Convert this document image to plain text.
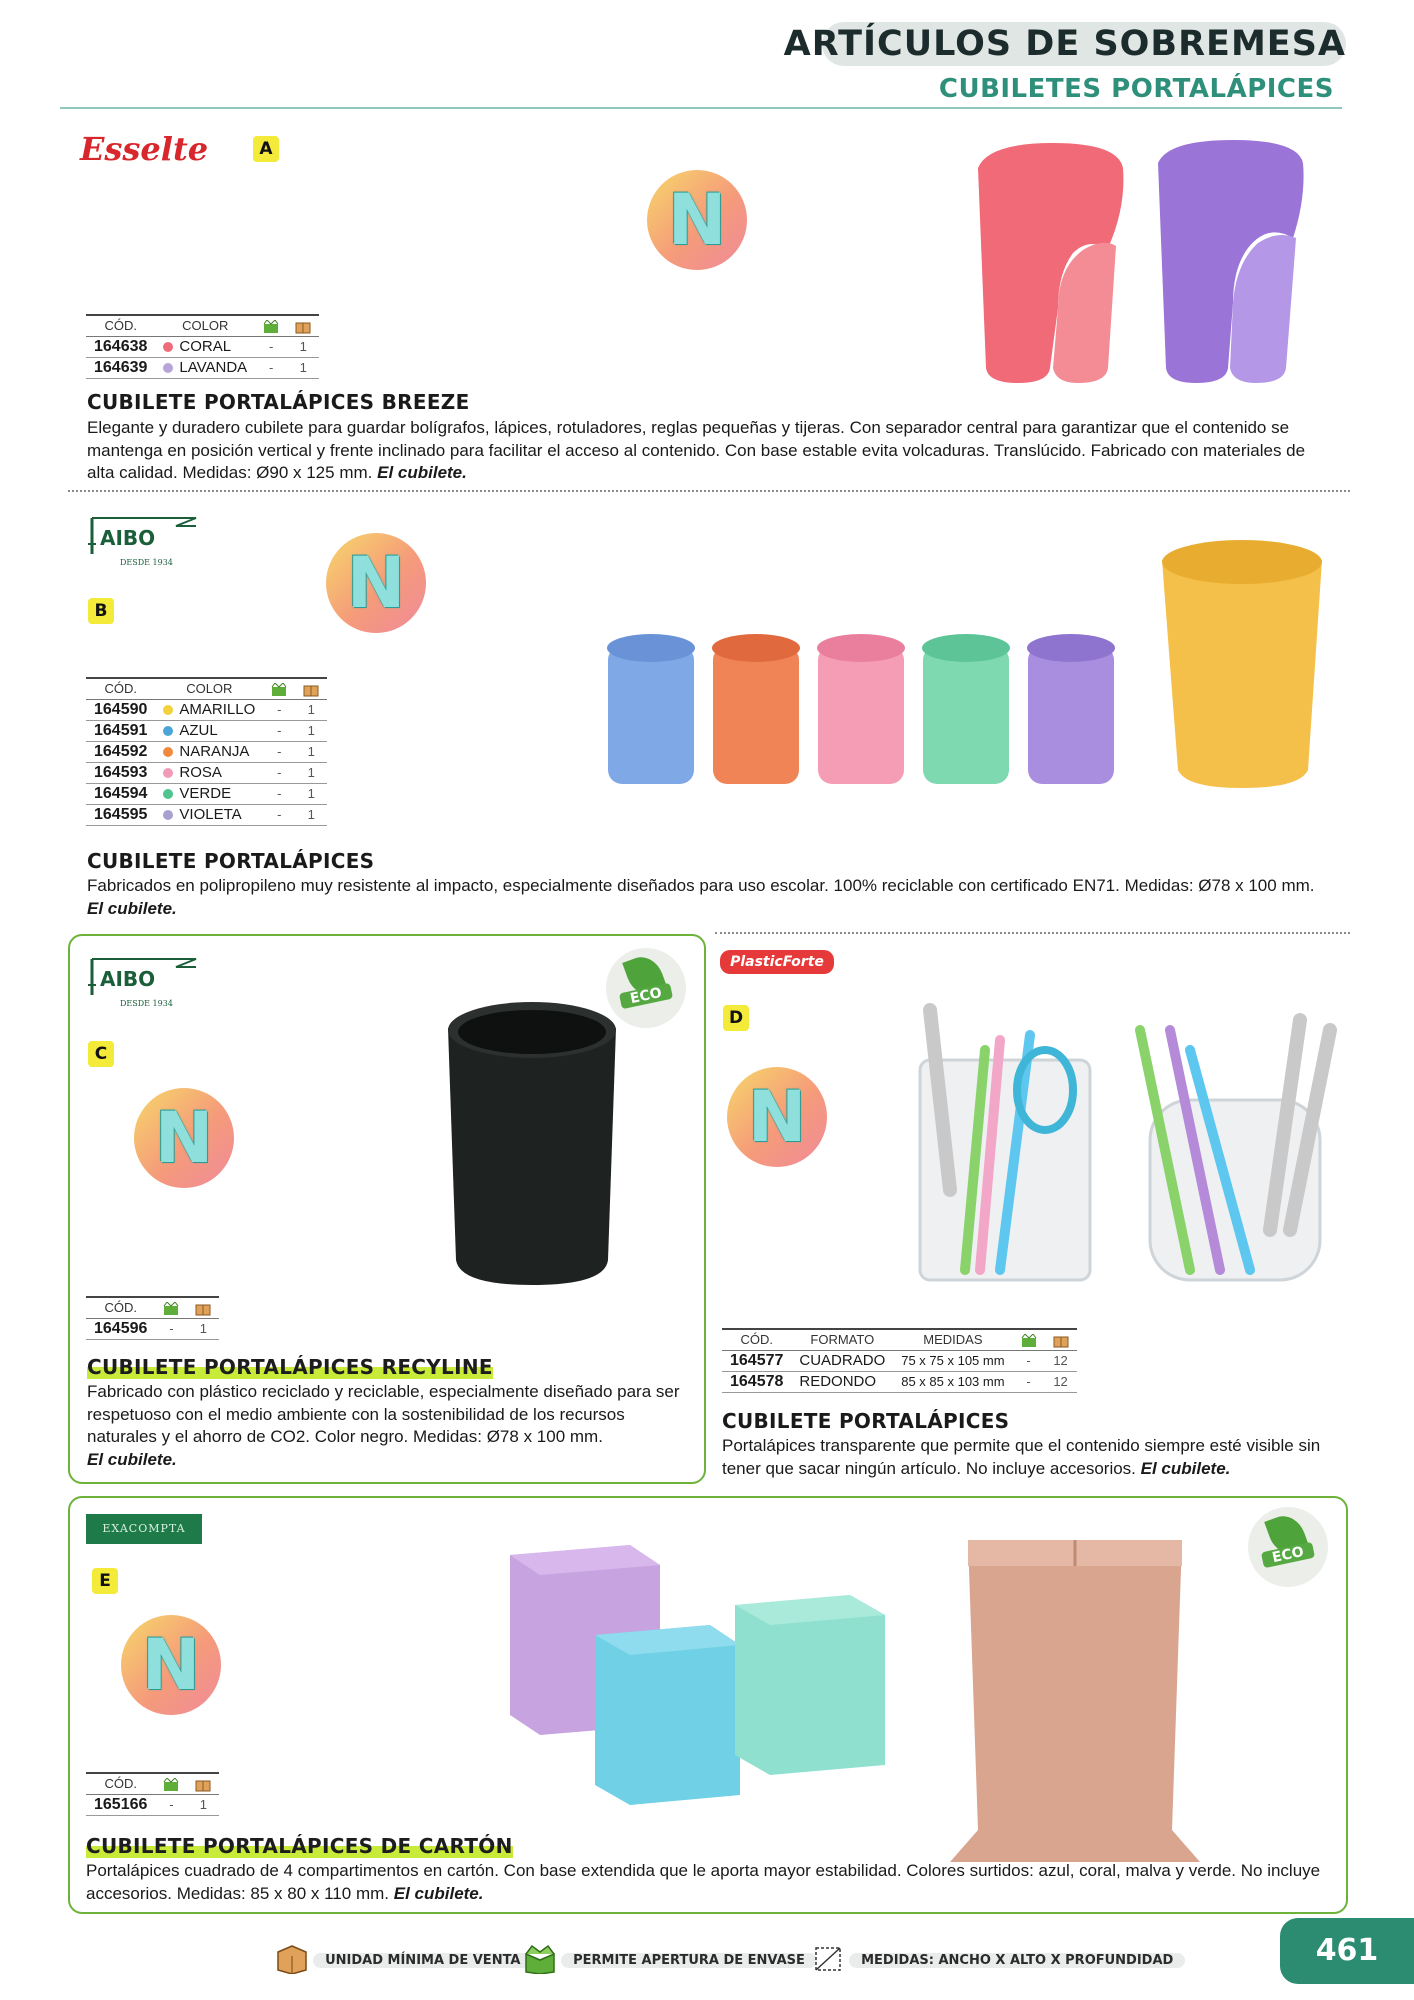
ARTÍCULOS DE SOBREMESA
CUBILETES PORTALÁPICES
Esselte	A
N
CÓD.	COLOR		
164638	CORAL	-	1
164639	LAVANDA	-	1
CUBILETE PORTALÁPICES BREEZE
Elegante y duradero cubilete para guardar bolígrafos, lápices, rotuladores, reglas pequeñas y tijeras. Con separador central para garantizar que el contenido se mantenga en posición vertical y frente inclinado para facilitar el acceso al contenido. Con base estable evita volcaduras. Translúcido. Fabricado con materiales de alta calidad. Medidas: Ø90 x 125 mm. El cubilete.
AIBO
DESDE 1934
B	N
CÓD.	COLOR		
164590	AMARILLO	-	1
164591	AZUL	-	1
164592	NARANJA	-	1
164593	ROSA	-	1
164594	VERDE	-	1
164595	VIOLETA	-	1
CUBILETE PORTALÁPICES
Fabricados en polipropileno muy resistente al impacto, especialmente diseñados para uso escolar. 100% reciclable con certificado EN71. Medidas: Ø78 x 100 mm. El cubilete.
AIBO
DESDE 1934
C
N
ECO
CÓD.		
164596	-	1
CUBILETE PORTALÁPICES RECYLINE
Fabricado con plástico reciclado y reciclable, especialmente diseñado para ser respetuoso con el medio ambiente con la sostenibilidad de los recursos naturales y el ahorro de CO2. Color negro. Medidas: Ø78 x 100 mm.
El cubilete.
PlasticForte
D
N
CÓD.	FORMATO	MEDIDAS		
164577	CUADRADO	75 x 75 x 105 mm	-	12
164578	REDONDO	85 x 85 x 103 mm	-	12
CUBILETE PORTALÁPICES
Portalápices transparente que permite que el contenido siempre esté visible sin tener que sacar ningún artículo. No incluye accesorios. El cubilete.
EXACOMPTA
E
N
ECO
CÓD.		
165166	-	1
CUBILETE PORTALÁPICES DE CARTÓN
Portalápices cuadrado de 4 compartimentos en cartón. Con base extendida que le aporta mayor estabilidad. Colores surtidos: azul, coral, malva y verde. No incluye accesorios. Medidas: 85 x 80 x 110 mm. El cubilete.
UNIDAD MÍNIMA DE VENTA	PERMITE APERTURA DE ENVASE	MEDIDAS: ANCHO X ALTO X PROFUNDIDAD	461
